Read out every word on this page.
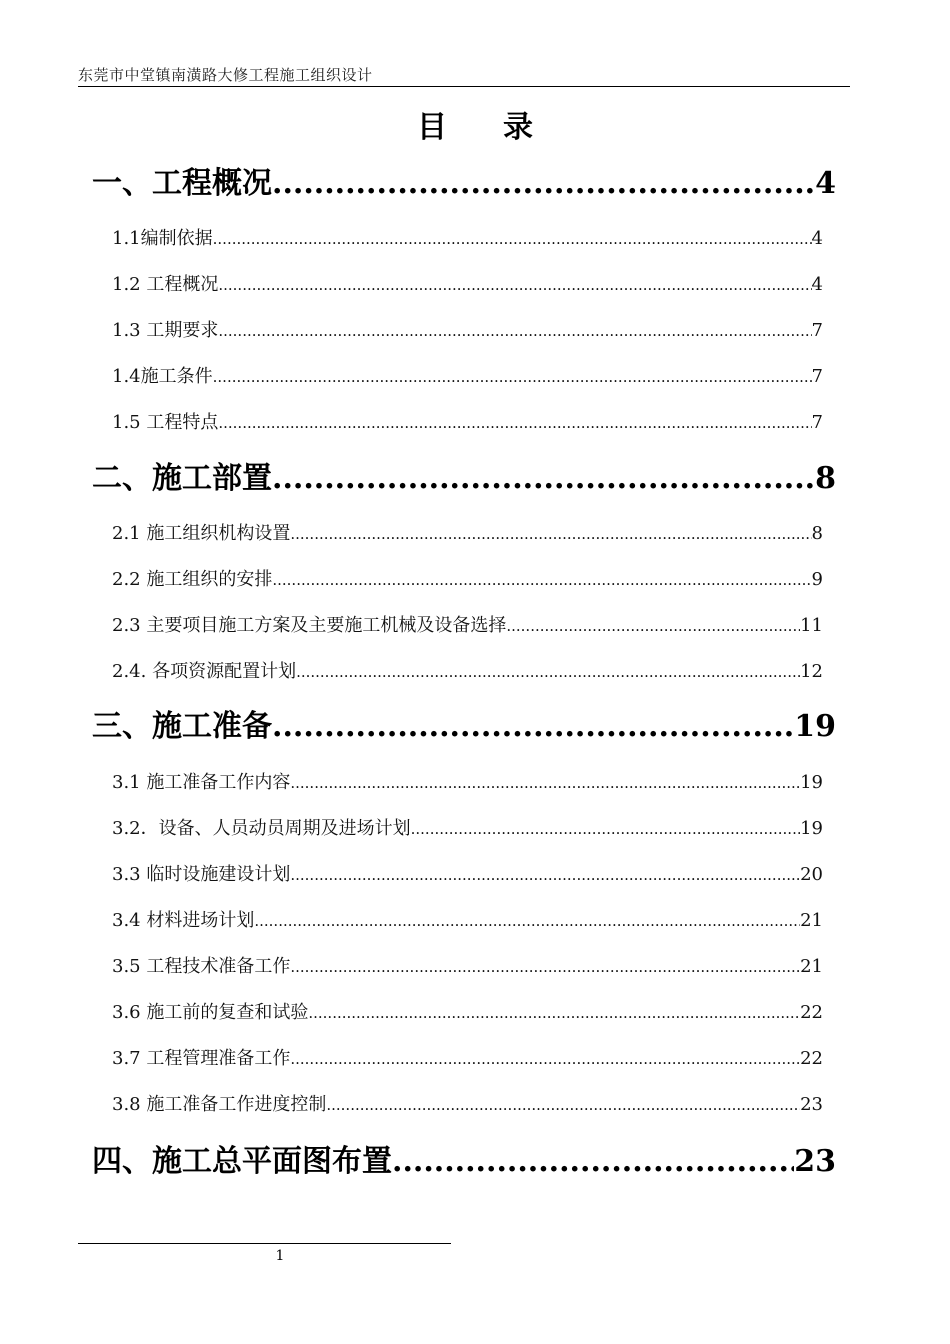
东莞市中堂镇南潢路大修工程施工组织设计
目录
一、工程概况 .....	4
1.1编制依据 .....	4
1.2 工程概况 .....	4
1.3 工期要求 .....	7
1.4施工条件 .....	7
1.5 工程特点 .....	7
二、施工部置 .....	8
2.1 施工组织机构设置 .....	8
2.2 施工组织的安排 .....	9
2.3 主要项目施工方案及主要施工机械及设备选择 .....	11
2.4. 各项资源配置计划 .....	12
三、施工准备 .....	19
3.1 施工准备工作内容 .....	19
3.2．设备、人员动员周期及进场计划 .....	19
3.3 临时设施建设计划 .....	20
3.4 材料进场计划 .....	21
3.5 工程技术准备工作 .....	21
3.6 施工前的复查和试验 .....	22
3.7 工程管理准备工作 .....	22
3.8 施工准备工作进度控制 .....	23
四、施工总平面图布置 .....	23
1
